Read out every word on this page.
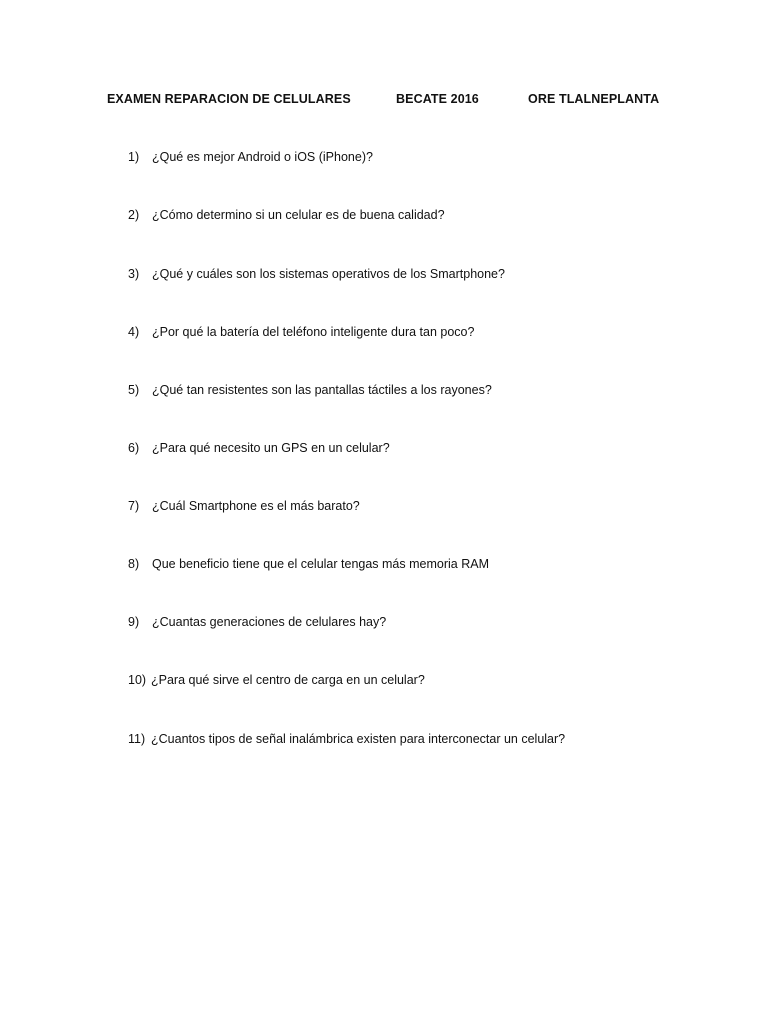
EXAMEN REPARACION DE CELULARES	BECATE 2016	ORE TLALNEPLANTA
1) ¿Qué es mejor Android o iOS (iPhone)?
2) ¿Cómo determino si un celular es de buena calidad?
3) ¿Qué y cuáles son los sistemas operativos de los Smartphone?
4) ¿Por qué la batería del teléfono inteligente dura tan poco?
5) ¿Qué tan resistentes son las pantallas táctiles a los rayones?
6) ¿Para qué necesito un GPS en un celular?
7) ¿Cuál Smartphone es el más barato?
8) Que beneficio tiene que el celular tengas más memoria RAM
9) ¿Cuantas generaciones de celulares hay?
10) ¿Para qué sirve el centro de carga en un celular?
11) ¿Cuantos tipos de señal inalámbrica existen para interconectar un celular?
